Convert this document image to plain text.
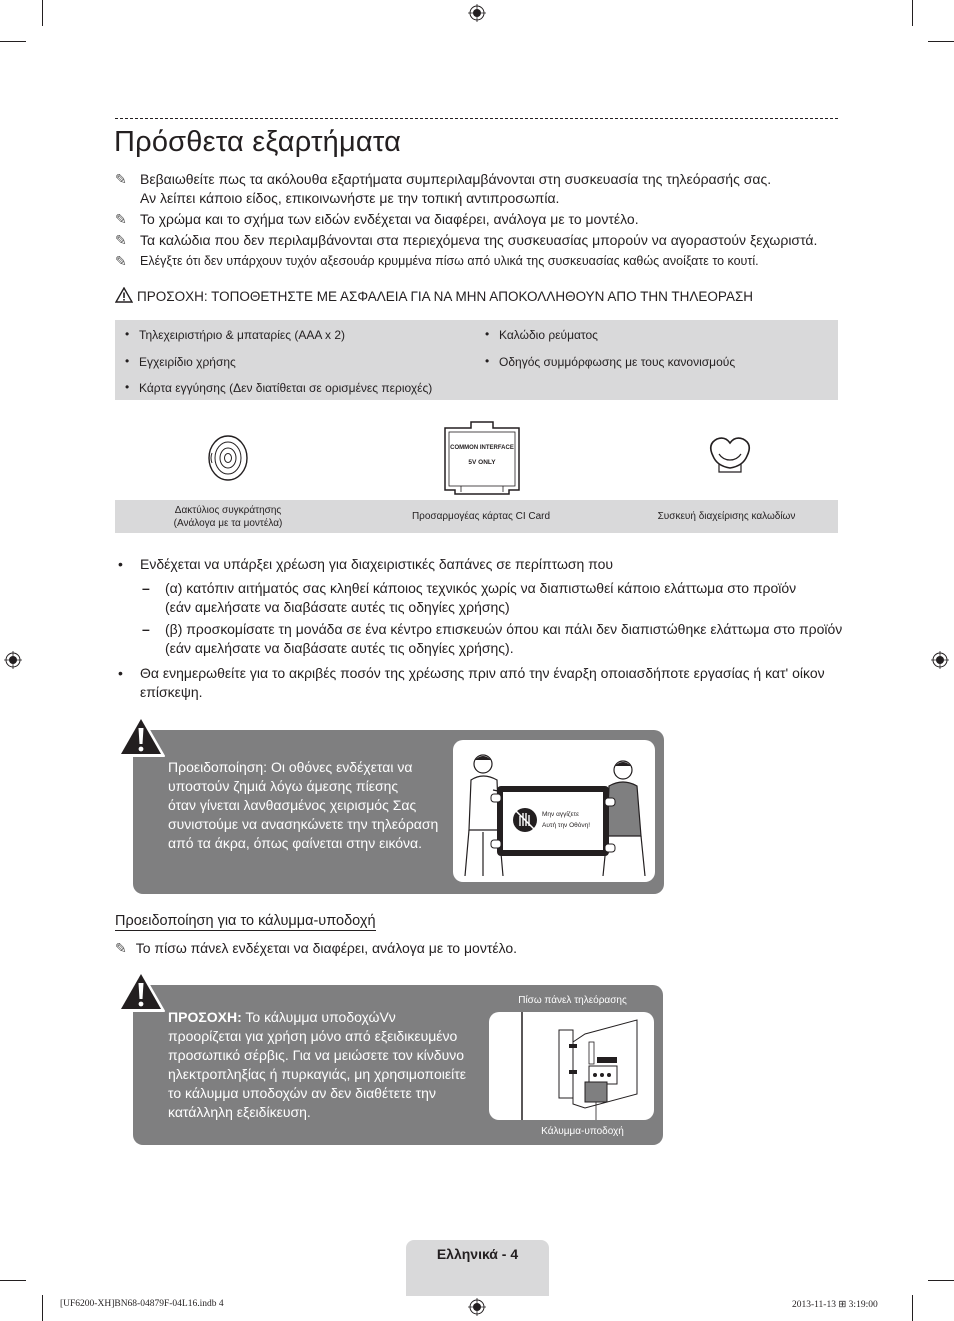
Πρόσθετα εξαρτήματα
✎ Βεβαιωθείτε πως τα ακόλουθα εξαρτήματα συμπεριλαμβάνονται στη συσκευασία της τηλεόρασής σας.
Αν λείπει κάποιο είδος, επικοινωνήστε με την τοπική αντιπροσωπία.
✎ Το χρώμα και το σχήμα των ειδών ενδέχεται να διαφέρει, ανάλογα με το μοντέλο.
✎ Τα καλώδια που δεν περιλαμβάνονται στα περιεχόμενα της συσκευασίας μπορούν να αγοραστούν ξεχωριστά.
✎ Ελέγξτε ότι δεν υπάρχουν τυχόν αξεσουάρ κρυμμένα πίσω από υλικά της συσκευασίας καθώς ανοίξατε το κουτί.
ΠΡΟΣΟΧΗ: ΤΟΠΟΘΕΤΗΣΤΕ ΜΕ ΑΣΦΑΛΕΙΑ ΓΙΑ ΝΑ ΜΗΝ ΑΠΟΚΟΛΛΗΘΟΥΝ ΑΠΟ ΤΗΝ ΤΗΛΕΟΡΑΣΗ
• Τηλεχειριστήριο & μπαταρίες (AAA x 2)	• Καλώδιο ρεύματος
• Εγχειρίδιο χρήσης	• Οδηγός συμμόρφωσης με τους κανονισμούς
• Κάρτα εγγύησης (Δεν διατίθεται σε ορισμένες περιοχές)
COMMON INTERFACE
5V ONLY
Δακτύλιος συγκράτησης
(Ανάλογα με τα μοντέλα)
Προσαρμογέας κάρτας CI Card	Συσκευή διαχείρισης καλωδίων
• Ενδέχεται να υπάρξει χρέωση για διαχειριστικές δαπάνες σε περίπτωση που
– (α) κατόπιν αιτήματός σας κληθεί κάποιος τεχνικός χωρίς να διαπιστωθεί κάποιο ελάττωμα στο προϊόν
(εάν αμελήσατε να διαβάσατε αυτές τις οδηγίες χρήσης)
– (β) προσκομίσατε τη μονάδα σε ένα κέντρο επισκευών όπου και πάλι δεν διαπιστώθηκε ελάττωμα στο προϊόν
(εάν αμελήσατε να διαβάσατε αυτές τις οδηγίες χρήσης).
• Θα ενημερωθείτε για το ακριβές ποσόν της χρέωσης πριν από την έναρξη οποιασδήποτε εργασίας ή κατ' οίκον
επίσκεψη.
Προειδοποίηση: Οι οθόνες ενδέχεται να
υποστούν ζημιά λόγω άμεσης πίεσης
όταν γίνεται λανθασμένος χειρισμός Σας
συνιστούμε να ανασηκώνετε την τηλεόραση
από τα άκρα, όπως φαίνεται στην εικόνα.
Μην αγγίζετε
Αυτή την Οθόνη!
Προειδοποίηση για το κάλυμμα-υποδοχή
✎ Το πίσω πάνελ ενδέχεται να διαφέρει, ανάλογα με το μοντέλο.
ΠΡΟΣΟΧΗ: Το κάλυμμα υποδοχώVν
προορίζεται για χρήση μόνο από εξειδικευμένο
προσωπικό σέρβις. Για να μειώσετε τον κίνδυνο
ηλεκτροπληξίας ή πυρκαγιάς, μη χρησιμοποιείτε
το κάλυμμα υποδοχών αν δεν διαθέτετε την
κατάλληλη εξειδίκευση.
Πίσω πάνελ τηλεόρασης
Κάλυμμα-υποδοχή
Ελληνικά - 4
[UF6200-XH]BN68-04879F-04L16.indb 4	2013-11-13 ⊞ 3:19:00
